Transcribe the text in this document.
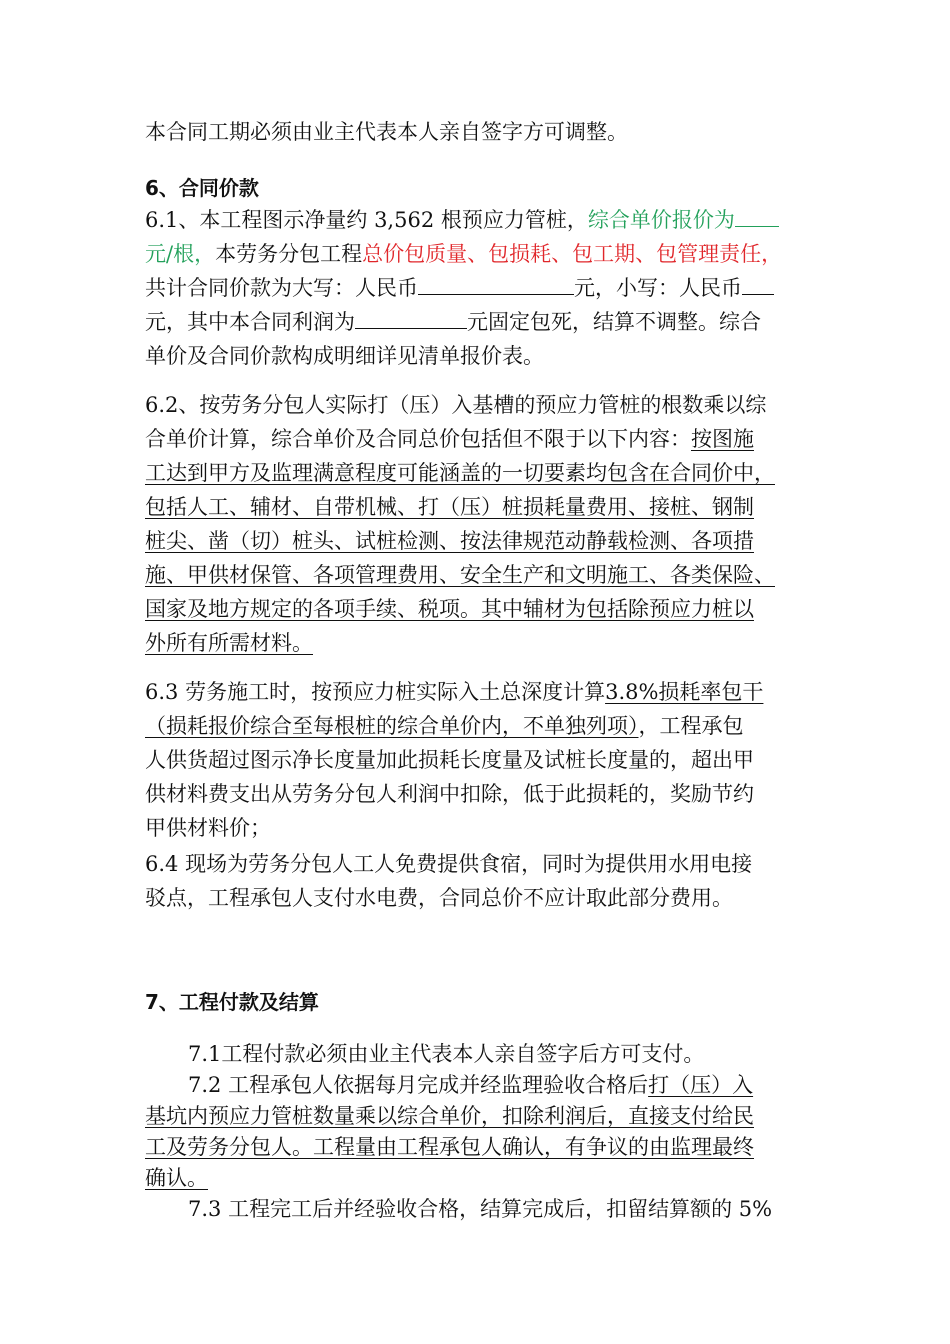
本合同工期必须由业主代表本人亲自签字方可调整。
6、合同价款
6.1、本工程图示净量约 3,562 根预应力管桩，综合单价报价为
元/根，本劳务分包工程总价包质量、包损耗、包工期、包管理责任，
共计合同价款为大写：人民币	元，小写：人民币
元，其中本合同利润为	元固定包死，结算不调整。综合
单价及合同价款构成明细详见清单报价表。
6.2、按劳务分包人实际打（压）入基槽的预应力管桩的根数乘以综
合单价计算，综合单价及合同总价包括但不限于以下内容：按图施
工达到甲方及监理满意程度可能涵盖的一切要素均包含在合同价中，
包括人工、辅材、自带机械、打（压）桩损耗量费用、接桩、钢制
桩尖、凿（切）桩头、试桩检测、按法律规范动静载检测、各项措
施、甲供材保管、各项管理费用、安全生产和文明施工、各类保险、
国家及地方规定的各项手续、税项。其中辅材为包括除预应力桩以
外所有所需材料。
6.3 劳务施工时，按预应力桩实际入土总深度计算3.8%损耗率包干
（损耗报价综合至每根桩的综合单价内，不单独列项），工程承包
人供货超过图示净长度量加此损耗长度量及试桩长度量的，超出甲
供材料费支出从劳务分包人利润中扣除，低于此损耗的，奖励节约
甲供材料价；
6.4 现场为劳务分包人工人免费提供食宿，同时为提供用水用电接
驳点，工程承包人支付水电费，合同总价不应计取此部分费用。
7、工程付款及结算
7.1工程付款必须由业主代表本人亲自签字后方可支付。
7.2 工程承包人依据每月完成并经监理验收合格后打（压）入
基坑内预应力管桩数量乘以综合单价，扣除利润后，直接支付给民
工及劳务分包人。工程量由工程承包人确认，有争议的由监理最终
确认。
7.3 工程完工后并经验收合格，结算完成后，扣留结算额的 5%
